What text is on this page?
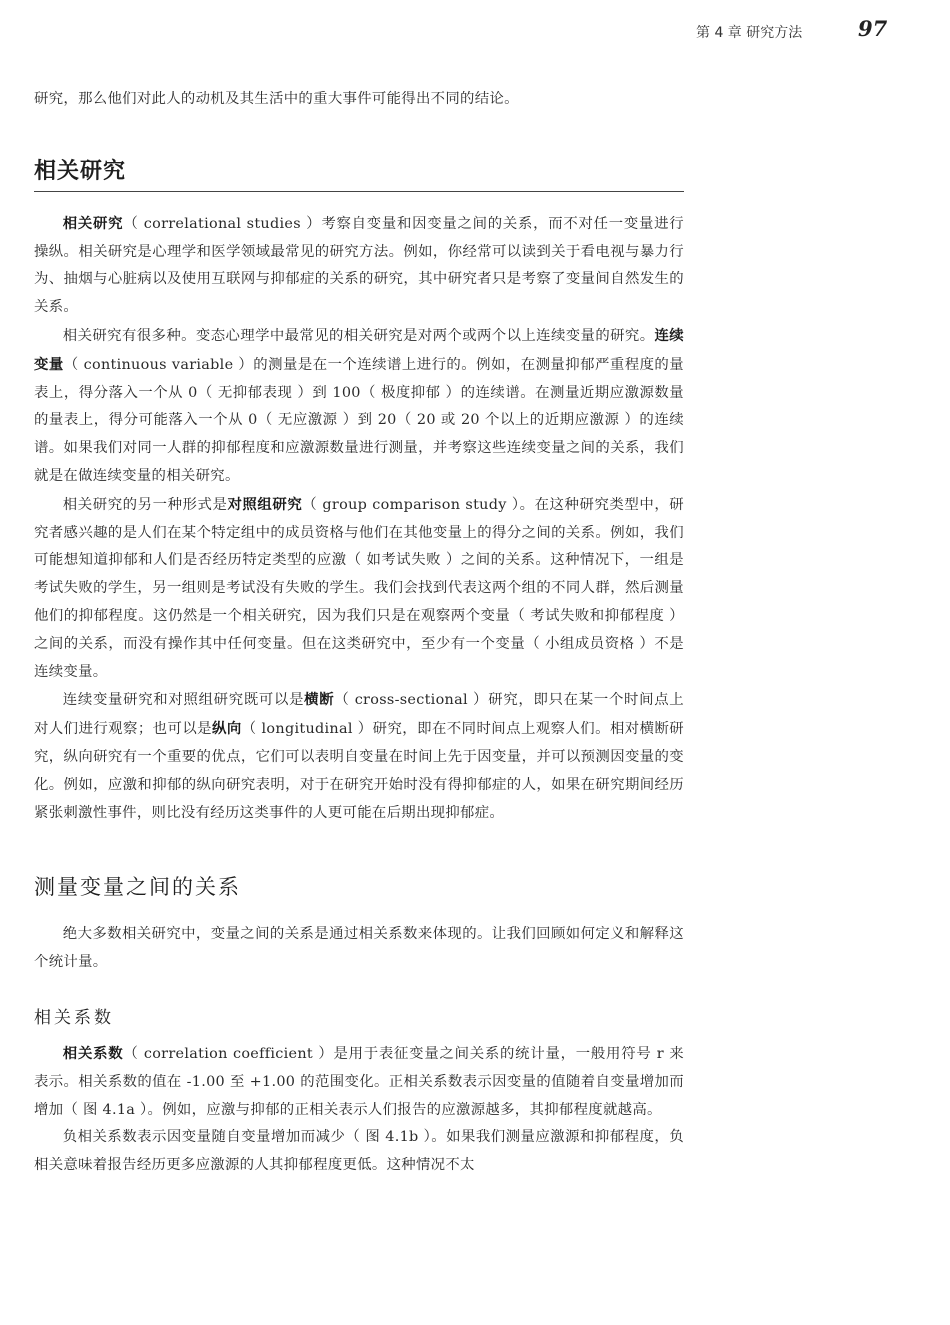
第 4 章 研究方法	97

研究，那么他们对此人的动机及其生活中的重大事件可能得出不同的结论。

相关研究

相关研究（ correlational studies ）考察自变量和因变量之间的关系，而不对任一变量进行操纵。相关研究是心理学和医学领域最常见的研究方法。例如，你经常可以读到关于看电视与暴力行为、抽烟与心脏病以及使用互联网与抑郁症的关系的研究，其中研究者只是考察了变量间自然发生的关系。

相关研究有很多种。变态心理学中最常见的相关研究是对两个或两个以上连续变量的研究。连续变量（ continuous variable ）的测量是在一个连续谱上进行的。例如，在测量抑郁严重程度的量表上，得分落入一个从 0（ 无抑郁表现 ）到 100（ 极度抑郁 ）的连续谱。在测量近期应激源数量的量表上，得分可能落入一个从 0（ 无应激源 ）到 20（ 20 或 20 个以上的近期应激源 ）的连续谱。如果我们对同一人群的抑郁程度和应激源数量进行测量，并考察这些连续变量之间的关系，我们就是在做连续变量的相关研究。

相关研究的另一种形式是对照组研究（ group comparison study ）。在这种研究类型中，研究者感兴趣的是人们在某个特定组中的成员资格与他们在其他变量上的得分之间的关系。例如，我们可能想知道抑郁和人们是否经历特定类型的应激（ 如考试失败 ）之间的关系。这种情况下，一组是考试失败的学生，另一组则是考试没有失败的学生。我们会找到代表这两个组的不同人群，然后测量他们的抑郁程度。这仍然是一个相关研究，因为我们只是在观察两个变量（ 考试失败和抑郁程度 ）之间的关系，而没有操作其中任何变量。但在这类研究中，至少有一个变量（ 小组成员资格 ）不是连续变量。

连续变量研究和对照组研究既可以是横断（ cross-sectional ）研究，即只在某一个时间点上对人们进行观察；也可以是纵向（ longitudinal ）研究，即在不同时间点上观察人们。相对横断研究，纵向研究有一个重要的优点，它们可以表明自变量在时间上先于因变量，并可以预测因变量的变化。例如，应激和抑郁的纵向研究表明，对于在研究开始时没有得抑郁症的人，如果在研究期间经历紧张刺激性事件，则比没有经历这类事件的人更可能在后期出现抑郁症。

测量变量之间的关系

绝大多数相关研究中，变量之间的关系是通过相关系数来体现的。让我们回顾如何定义和解释这个统计量。

相关系数

相关系数（ correlation coefficient ）是用于表征变量之间关系的统计量，一般用符号 r 来表示。相关系数的值在 -1.00 至 +1.00 的范围变化。正相关系数表示因变量的值随着自变量增加而增加（ 图 4.1a ）。例如，应激与抑郁的正相关表示人们报告的应激源越多，其抑郁程度就越高。

负相关系数表示因变量随自变量增加而减少（ 图 4.1b ）。如果我们测量应激源和抑郁程度，负相关意味着报告经历更多应激源的人其抑郁程度更低。这种情况不太
